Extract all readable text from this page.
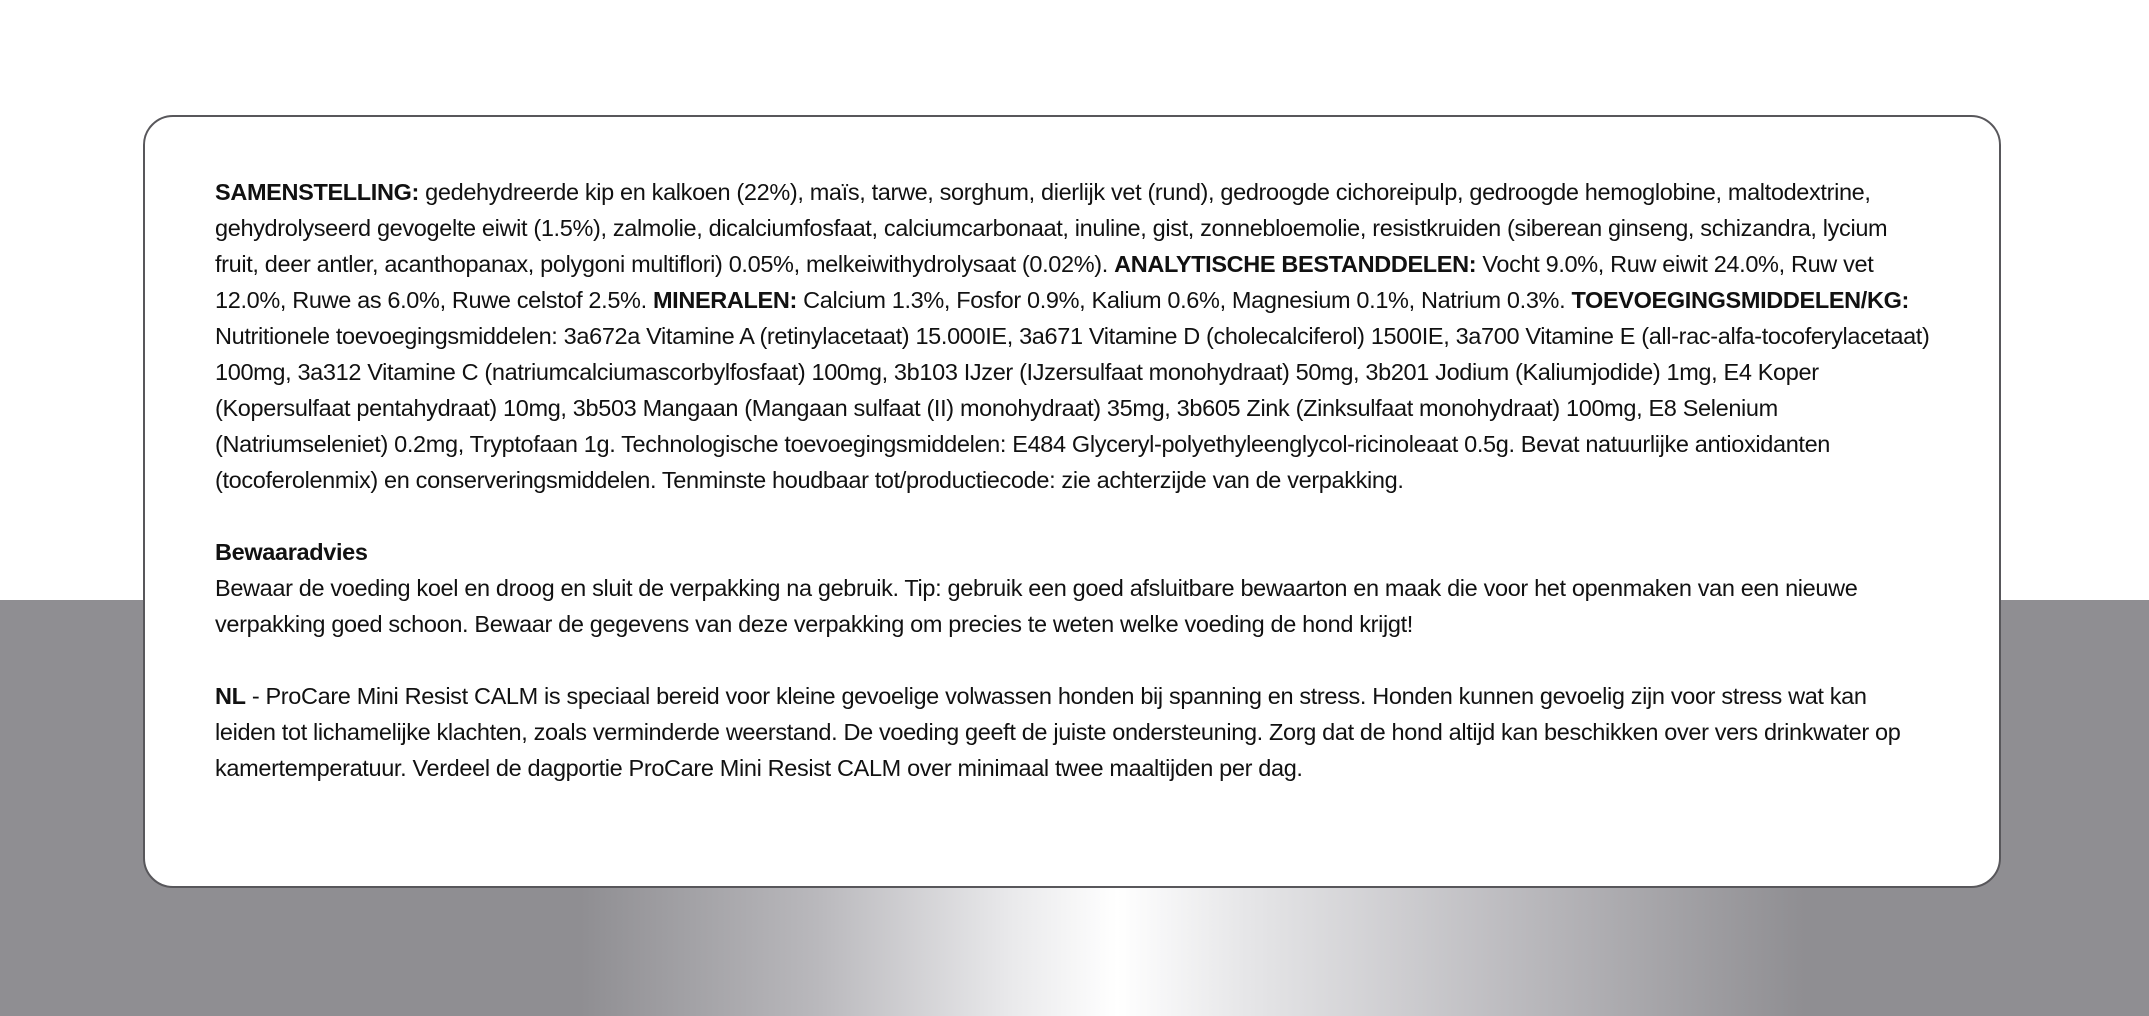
SAMENSTELLING: gedehydreerde kip en kalkoen (22%), maïs, tarwe, sorghum, dierlijk vet (rund), gedroogde cichoreipulp, gedroogde hemoglobine, maltodextrine, gehydrolyseerd gevogelte eiwit (1.5%), zalmolie, dicalciumfosfaat, calciumcarbonaat, inuline, gist, zonnebloemolie, resistkruiden (siberean ginseng, schizandra, lycium fruit, deer antler, acanthopanax, polygoni multiflori) 0.05%, melkeiwithydrolysaat (0.02%). ANALYTISCHE BESTANDDELEN: Vocht 9.0%, Ruw eiwit 24.0%, Ruw vet 12.0%, Ruwe as 6.0%, Ruwe celstof 2.5%. MINERALEN: Calcium 1.3%, Fosfor 0.9%, Kalium 0.6%, Magnesium 0.1%, Natrium 0.3%. TOEVOEGINGSMIDDELEN/KG: Nutritionele toevoegingsmiddelen: 3a672a Vitamine A (retinylacetaat) 15.000IE, 3a671 Vitamine D (cholecalciferol) 1500IE, 3a700 Vitamine E (all-rac-alfa-tocoferylacetaat) 100mg, 3a312 Vitamine C (natriumcalciumascorbylfosfaat) 100mg, 3b103 IJzer (IJzersulfaat monohydraat) 50mg, 3b201 Jodium (Kaliumjodide) 1mg, E4 Koper (Kopersulfaat pentahydraat) 10mg, 3b503 Mangaan (Mangaan sulfaat (II) monohydraat) 35mg, 3b605 Zink (Zinksulfaat monohydraat) 100mg, E8 Selenium (Natriumseleniet) 0.2mg, Tryptofaan 1g. Technologische toevoegingsmiddelen: E484 Glyceryl-polyethyleenglycol-ricinoleaat 0.5g. Bevat natuurlijke antioxidanten (tocoferolenmix) en conserveringsmiddelen. Tenminste houdbaar tot/productiecode: zie achterzijde van de verpakking.

Bewaaradvies
Bewaar de voeding koel en droog en sluit de verpakking na gebruik. Tip: gebruik een goed afsluitbare bewaarton en maak die voor het openmaken van een nieuwe verpakking goed schoon. Bewaar de gegevens van deze verpakking om precies te weten welke voeding de hond krijgt!

NL - ProCare Mini Resist CALM is speciaal bereid voor kleine gevoelige volwassen honden bij spanning en stress. Honden kunnen gevoelig zijn voor stress wat kan leiden tot lichamelijke klachten, zoals verminderde weerstand. De voeding geeft de juiste ondersteuning. Zorg dat de hond altijd kan beschikken over vers drinkwater op kamertemperatuur. Verdeel de dagportie ProCare Mini Resist CALM over minimaal twee maaltijden per dag.
